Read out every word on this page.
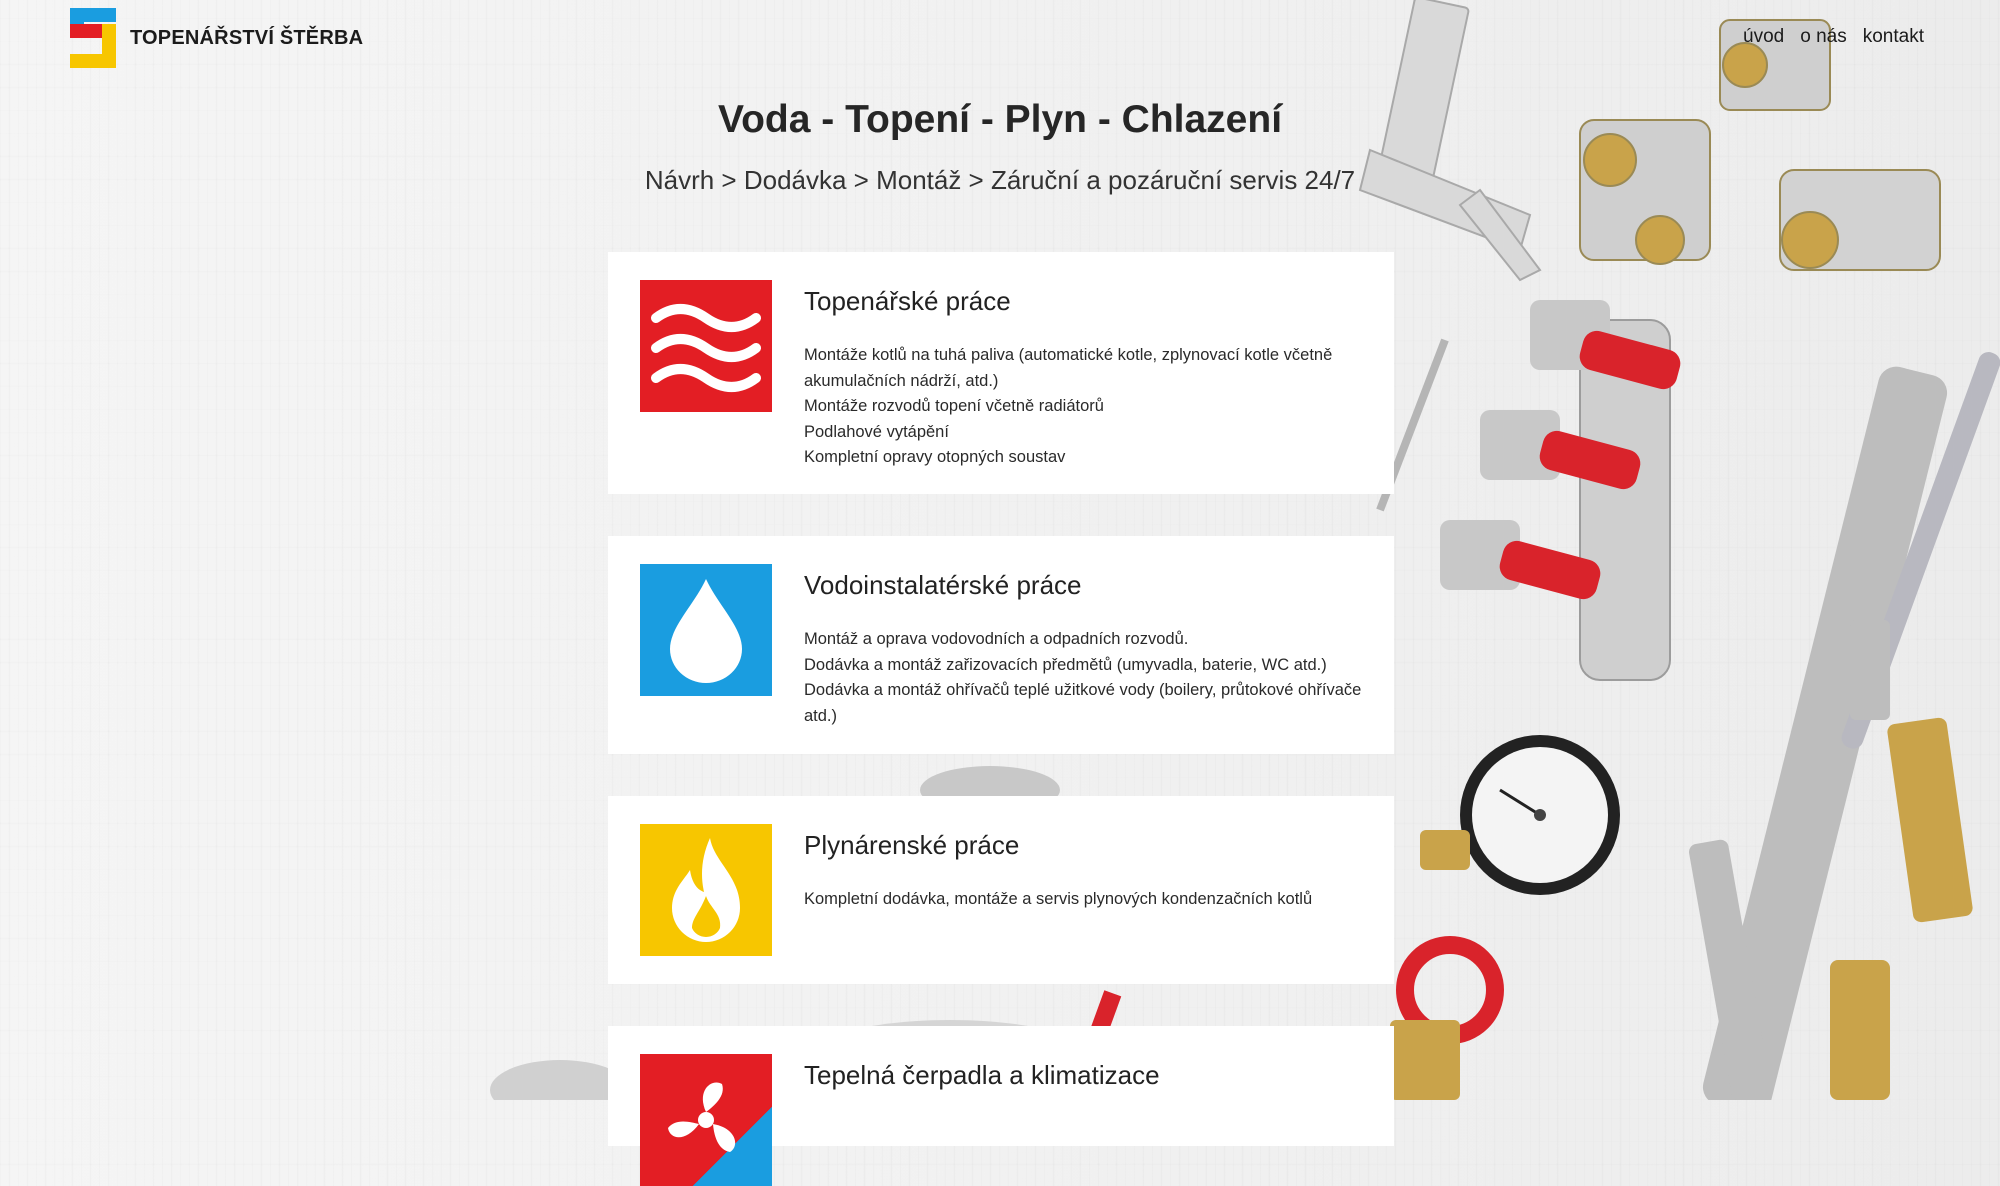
TOPENÁŘSTVÍ ŠTĚRBA	úvod o nás kontakt
Voda - Topení - Plyn - Chlazení
Návrh > Dodávka > Montáž > Záruční a pozáruční servis 24/7
Topenářské práce
Montáže kotlů na tuhá paliva (automatické kotle, zplynovací kotle včetně akumulačních nádrží, atd.)
Montáže rozvodů topení včetně radiátorů
Podlahové vytápění
Kompletní opravy otopných soustav
Vodoinstalatérské práce
Montáž a oprava vodovodních a odpadních rozvodů.
Dodávka a montáž zařizovacích předmětů (umyvadla, baterie, WC atd.)
Dodávka a montáž ohřívačů teplé užitkové vody (boilery, průtokové ohřívače atd.)
Plynárenské práce
Kompletní dodávka, montáže a servis plynových kondenzačních kotlů
Tepelná čerpadla a klimatizace
